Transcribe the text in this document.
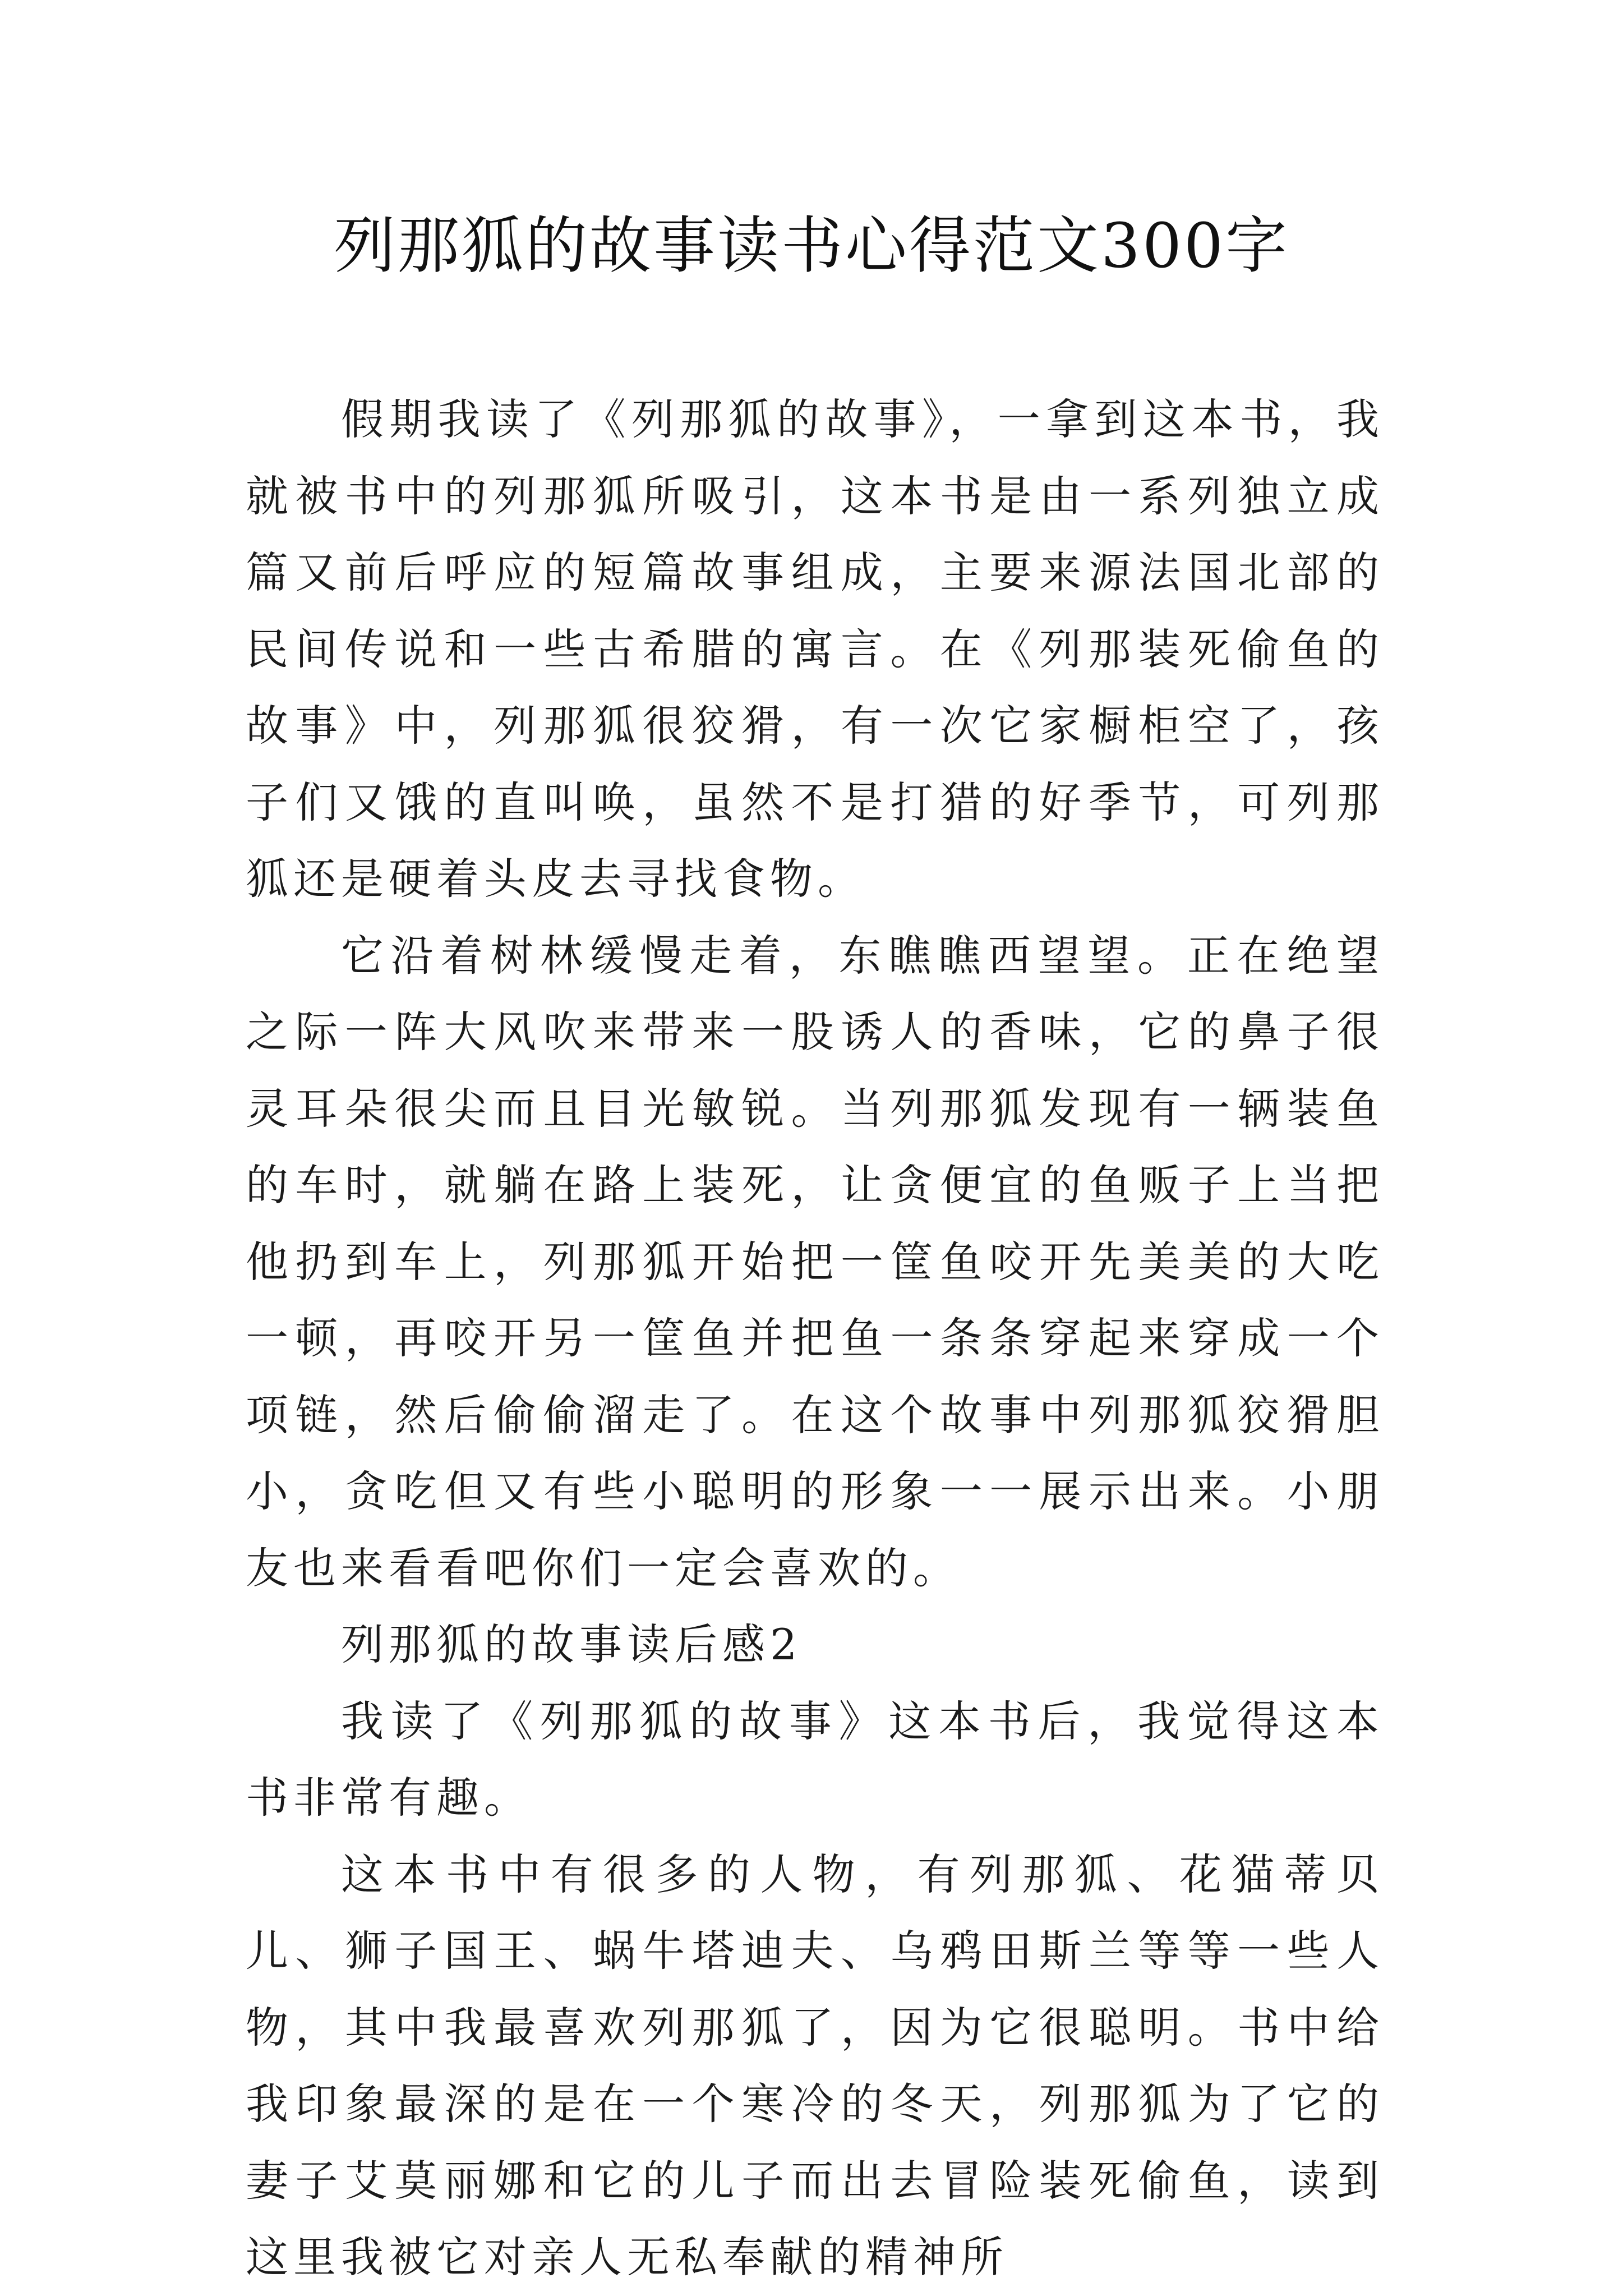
列那狐的故事读书心得范文300字

假期我读了《列那狐的故事》，一拿到这本书，我就被书中的列那狐所吸引，这本书是由一系列独立成篇又前后呼应的短篇故事组成，主要来源法国北部的民间传说和一些古希腊的寓言。在《列那装死偷鱼的故事》中，列那狐很狡猾，有一次它家橱柜空了，孩子们又饿的直叫唤，虽然不是打猎的好季节，可列那狐还是硬着头皮去寻找食物。

它沿着树林缓慢走着，东瞧瞧西望望。正在绝望之际一阵大风吹来带来一股诱人的香味，它的鼻子很灵耳朵很尖而且目光敏锐。当列那狐发现有一辆装鱼的车时，就躺在路上装死，让贪便宜的鱼贩子上当把他扔到车上，列那狐开始把一筐鱼咬开先美美的大吃一顿，再咬开另一筐鱼并把鱼一条条穿起来穿成一个项链，然后偷偷溜走了。在这个故事中列那狐狡猾胆小，贪吃但又有些小聪明的形象一一展示出来。小朋友也来看看吧你们一定会喜欢的。

列那狐的故事读后感2

我读了《列那狐的故事》这本书后，我觉得这本书非常有趣。

这本书中有很多的人物，有列那狐、花猫蒂贝儿、狮子国王、蜗牛塔迪夫、乌鸦田斯兰等等一些人物，其中我最喜欢列那狐了，因为它很聪明。书中给我印象最深的是在一个寒冷的冬天，列那狐为了它的妻子艾莫丽娜和它的儿子而出去冒险装死偷鱼，读到这里我被它对亲人无私奉献的精神所
